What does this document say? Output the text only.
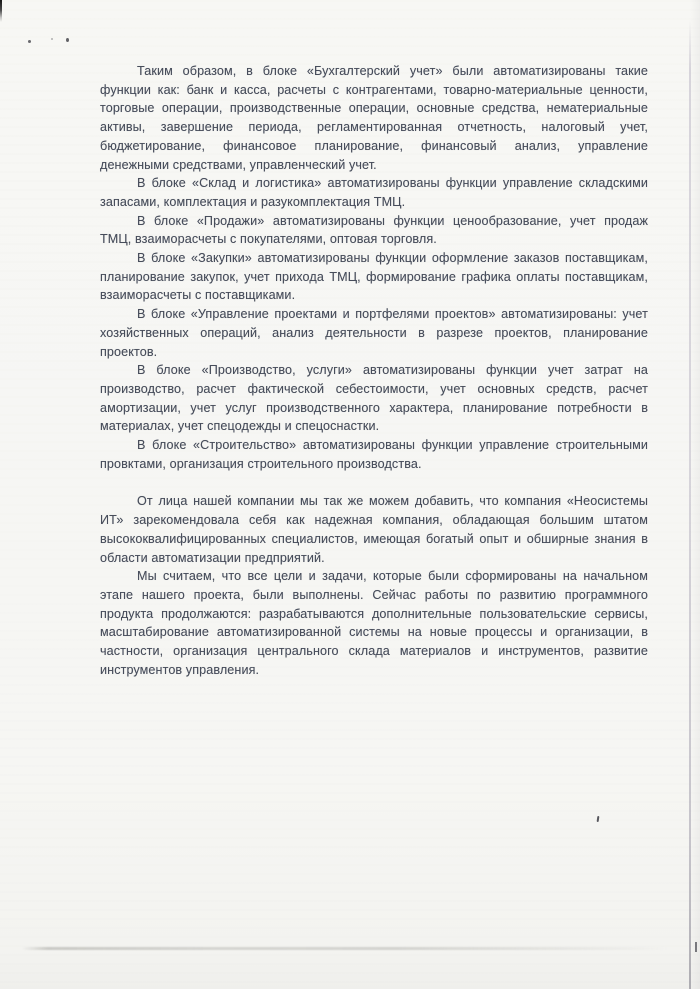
Таким образом, в блоке «Бухгалтерский учет» были автоматизированы такие функции как: банк и касса, расчеты с контрагентами, товарно-материальные ценности, торговые операции, производственные операции, основные средства, нематериальные активы, завершение периода, регламентированная отчетность, налоговый учет, бюджетирование, финансовое планирование, финансовый анализ, управление денежными средствами, управленческий учет.

В блоке «Склад и логистика» автоматизированы функции управление складскими запасами, комплектация и разукомплектация ТМЦ.

В блоке «Продажи» автоматизированы функции ценообразование, учет продаж ТМЦ, взаиморасчеты с покупателями, оптовая торговля.

В блоке «Закупки» автоматизированы функции оформление заказов поставщикам, планирование закупок, учет прихода ТМЦ, формирование графика оплаты поставщикам, взаиморасчеты с поставщиками.

В блоке «Управление проектами и портфелями проектов» автоматизированы: учет хозяйственных операций, анализ деятельности в разрезе проектов, планирование проектов.

В блоке «Производство, услуги» автоматизированы функции учет затрат на производство, расчет фактической себестоимости, учет основных средств, расчет амортизации, учет услуг производственного характера, планирование потребности в материалах, учет спецодежды и спецоснастки.

В блоке «Строительство» автоматизированы функции управление строительными провктами, организация строительного производства.

От лица нашей компании мы так же можем добавить, что компания «Неосистемы ИТ» зарекомендовала себя как надежная компания, обладающая большим штатом высококвалифицированных специалистов, имеющая богатый опыт и обширные знания в области автоматизации предприятий.

Мы считаем, что все цели и задачи, которые были сформированы на начальном этапе нашего проекта, были выполнены. Сейчас работы по развитию программного продукта продолжаются: разрабатываются дополнительные пользовательские сервисы, масштабирование автоматизированной системы на новые процессы и организации, в частности, организация центрального склада материалов и инструментов, развитие инструментов управления.
